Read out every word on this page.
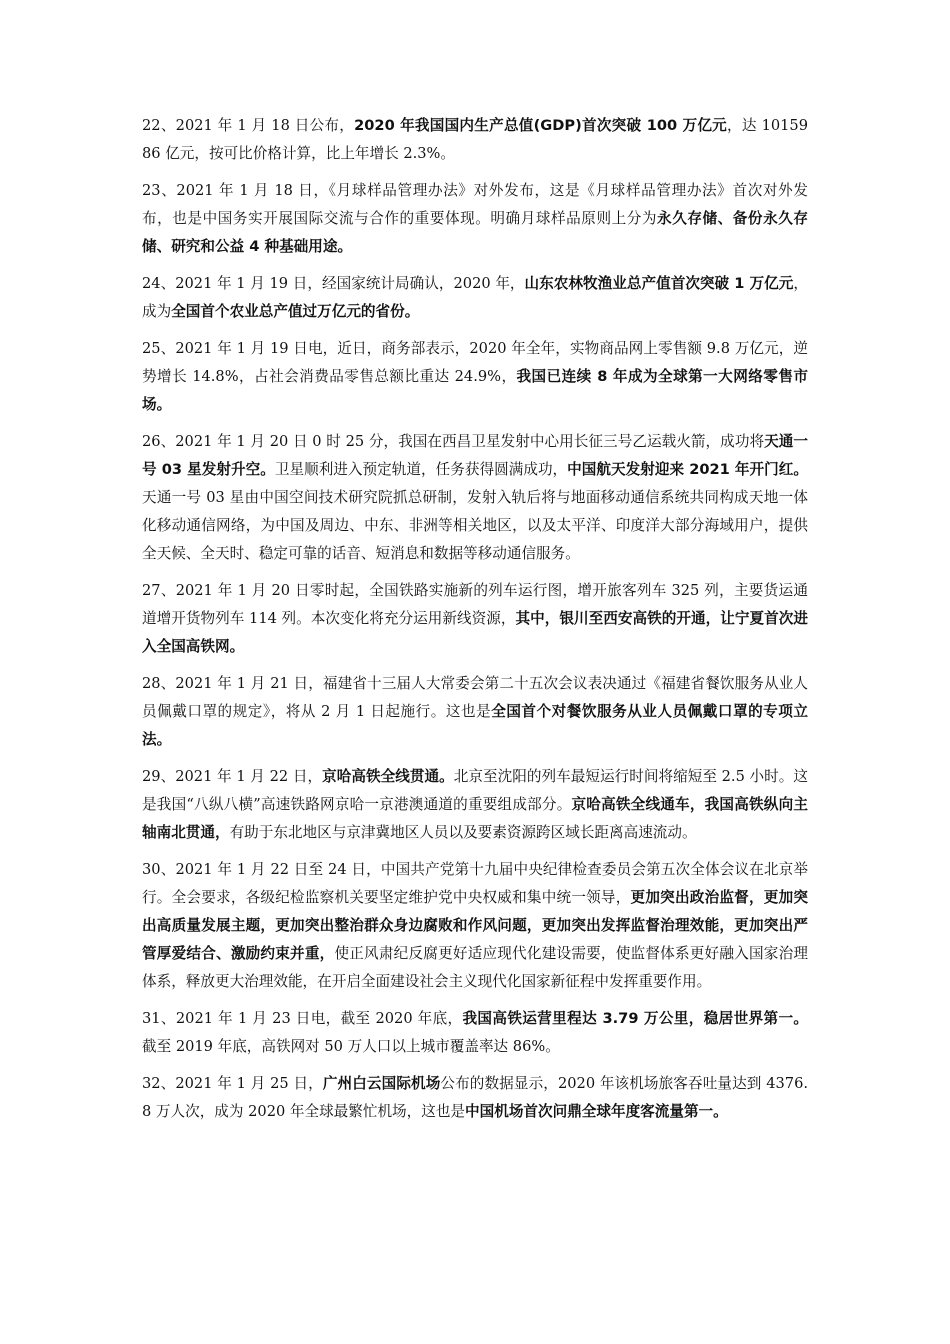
22、2021 年 1 月 18 日公布，2020 年我国国内生产总值(GDP)首次突破 100 万亿元，达 1015986 亿元，按可比价格计算，比上年增长 2.3%。

23、2021 年 1 月 18 日，《月球样品管理办法》对外发布，这是《月球样品管理办法》首次对外发布，也是中国务实开展国际交流与合作的重要体现。明确月球样品原则上分为永久存储、备份永久存储、研究和公益 4 种基础用途。

24、2021 年 1 月 19 日，经国家统计局确认，2020 年，山东农林牧渔业总产值首次突破 1 万亿元，成为全国首个农业总产值过万亿元的省份。

25、2021 年 1 月 19 日电，近日，商务部表示，2020 年全年，实物商品网上零售额 9.8 万亿元，逆势增长 14.8%，占社会消费品零售总额比重达 24.9%，我国已连续 8 年成为全球第一大网络零售市场。

26、2021 年 1 月 20 日 0 时 25 分，我国在西昌卫星发射中心用长征三号乙运载火箭，成功将天通一号 03 星发射升空。卫星顺利进入预定轨道，任务获得圆满成功，中国航天发射迎来 2021 年开门红。天通一号 03 星由中国空间技术研究院抓总研制，发射入轨后将与地面移动通信系统共同构成天地一体化移动通信网络，为中国及周边、中东、非洲等相关地区，以及太平洋、印度洋大部分海域用户，提供全天候、全天时、稳定可靠的话音、短消息和数据等移动通信服务。

27、2021 年 1 月 20 日零时起，全国铁路实施新的列车运行图，增开旅客列车 325 列，主要货运通道增开货物列车 114 列。本次变化将充分运用新线资源，其中，银川至西安高铁的开通，让宁夏首次进入全国高铁网。

28、2021 年 1 月 21 日，福建省十三届人大常委会第二十五次会议表决通过《福建省餐饮服务从业人员佩戴口罩的规定》，将从 2 月 1 日起施行。这也是全国首个对餐饮服务从业人员佩戴口罩的专项立法。

29、2021 年 1 月 22 日，京哈高铁全线贯通。北京至沈阳的列车最短运行时间将缩短至 2.5 小时。这是我国“八纵八横”高速铁路网京哈一京港澳通道的重要组成部分。京哈高铁全线通车，我国高铁纵向主轴南北贯通，有助于东北地区与京津冀地区人员以及要素资源跨区域长距离高速流动。

30、2021 年 1 月 22 日至 24 日，中国共产党第十九届中央纪律检查委员会第五次全体会议在北京举行。全会要求，各级纪检监察机关要坚定维护党中央权威和集中统一领导，更加突出政治监督，更加突出高质量发展主题，更加突出整治群众身边腐败和作风问题，更加突出发挥监督治理效能，更加突出严管厚爱结合、激励约束并重，使正风肃纪反腐更好适应现代化建设需要，使监督体系更好融入国家治理体系，释放更大治理效能，在开启全面建设社会主义现代化国家新征程中发挥重要作用。

31、2021 年 1 月 23 日电，截至 2020 年底，我国高铁运营里程达 3.79 万公里，稳居世界第一。截至 2019 年底，高铁网对 50 万人口以上城市覆盖率达 86%。

32、2021 年 1 月 25 日，广州白云国际机场公布的数据显示，2020 年该机场旅客吞吐量达到 4376.8 万人次，成为 2020 年全球最繁忙机场，这也是中国机场首次问鼎全球年度客流量第一。
